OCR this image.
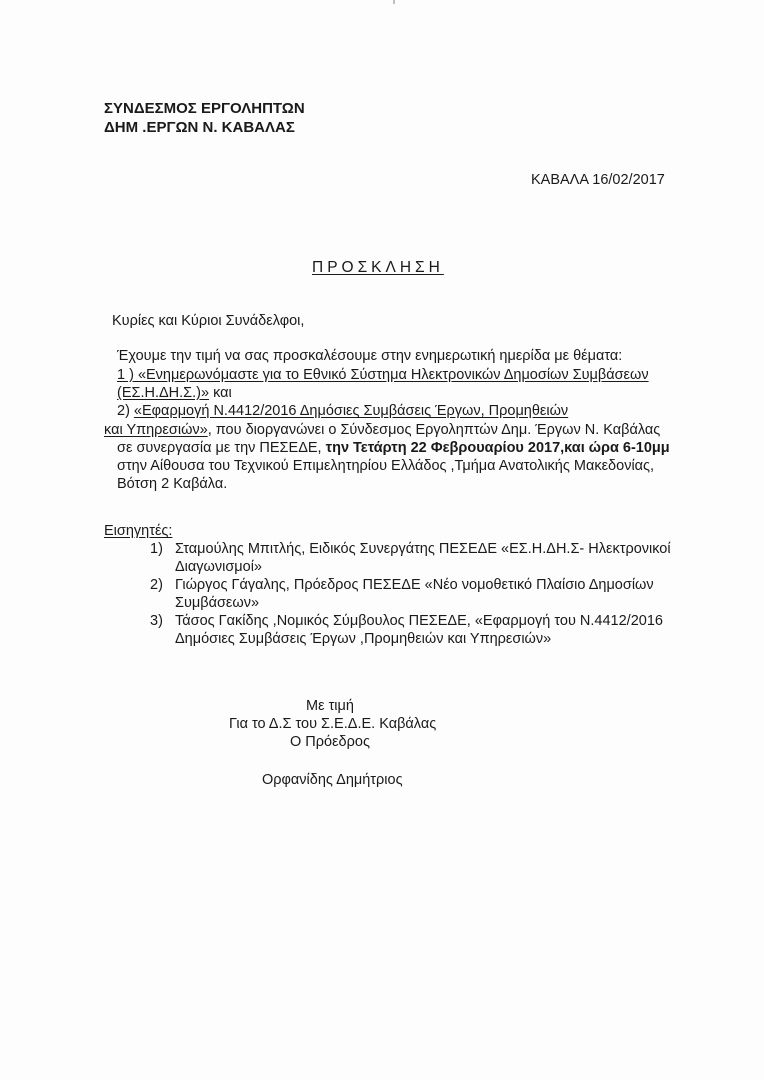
ΣΥΝΔΕΣΜΟΣ ΕΡΓΟΛΗΠΤΩΝ
ΔΗΜ .ΕΡΓΩΝ Ν. ΚΑΒΑΛΑΣ
ΚΑΒΑΛΑ 16/02/2017
ΠΡΟΣΚΛΗΣΗ
Κυρίες και Κύριοι Συνάδελφοι,
Έχουμε την τιμή να σας προσκαλέσουμε στην ενημερωτική ημερίδα με θέματα:
1 ) «Ενημερωνόμαστε για το Εθνικό Σύστημα Ηλεκτρονικών Δημοσίων Συμβάσεων
(ΕΣ.Η.ΔΗ.Σ.)» και
2) «Εφαρμογή Ν.4412/2016 Δημόσιες Συμβάσεις Έργων, Προμηθειών
και Υπηρεσιών», που διοργανώνει ο Σύνδεσμος Εργοληπτών Δημ. Έργων Ν. Καβάλας
σε συνεργασία με την ΠΕΣΕΔΕ, την Τετάρτη 22 Φεβρουαρίου 2017,και ώρα 6-10μμ
στην Αίθουσα του Τεχνικού Επιμελητηρίου Ελλάδος ,Τμήμα Ανατολικής Μακεδονίας,
Βότση 2 Καβάλα.
Εισηγητές:
1) Σταμούλης Μπιτλής, Ειδικός Συνεργάτης ΠΕΣΕΔΕ «ΕΣ.Η.ΔΗ.Σ- Ηλεκτρονικοί
Διαγωνισμοί»
2) Γιώργος Γάγαλης, Πρόεδρος ΠΕΣΕΔΕ «Νέο νομοθετικό Πλαίσιο Δημοσίων
Συμβάσεων»
3) Τάσος Γακίδης ,Νομικός Σύμβουλος ΠΕΣΕΔΕ, «Εφαρμογή του Ν.4412/2016
Δημόσιες Συμβάσεις Έργων ,Προμηθειών και Υπηρεσιών»
Με τιμή
Για το Δ.Σ του Σ.Ε.Δ.Ε. Καβάλας
Ο Πρόεδρος
Ορφανίδης Δημήτριος
